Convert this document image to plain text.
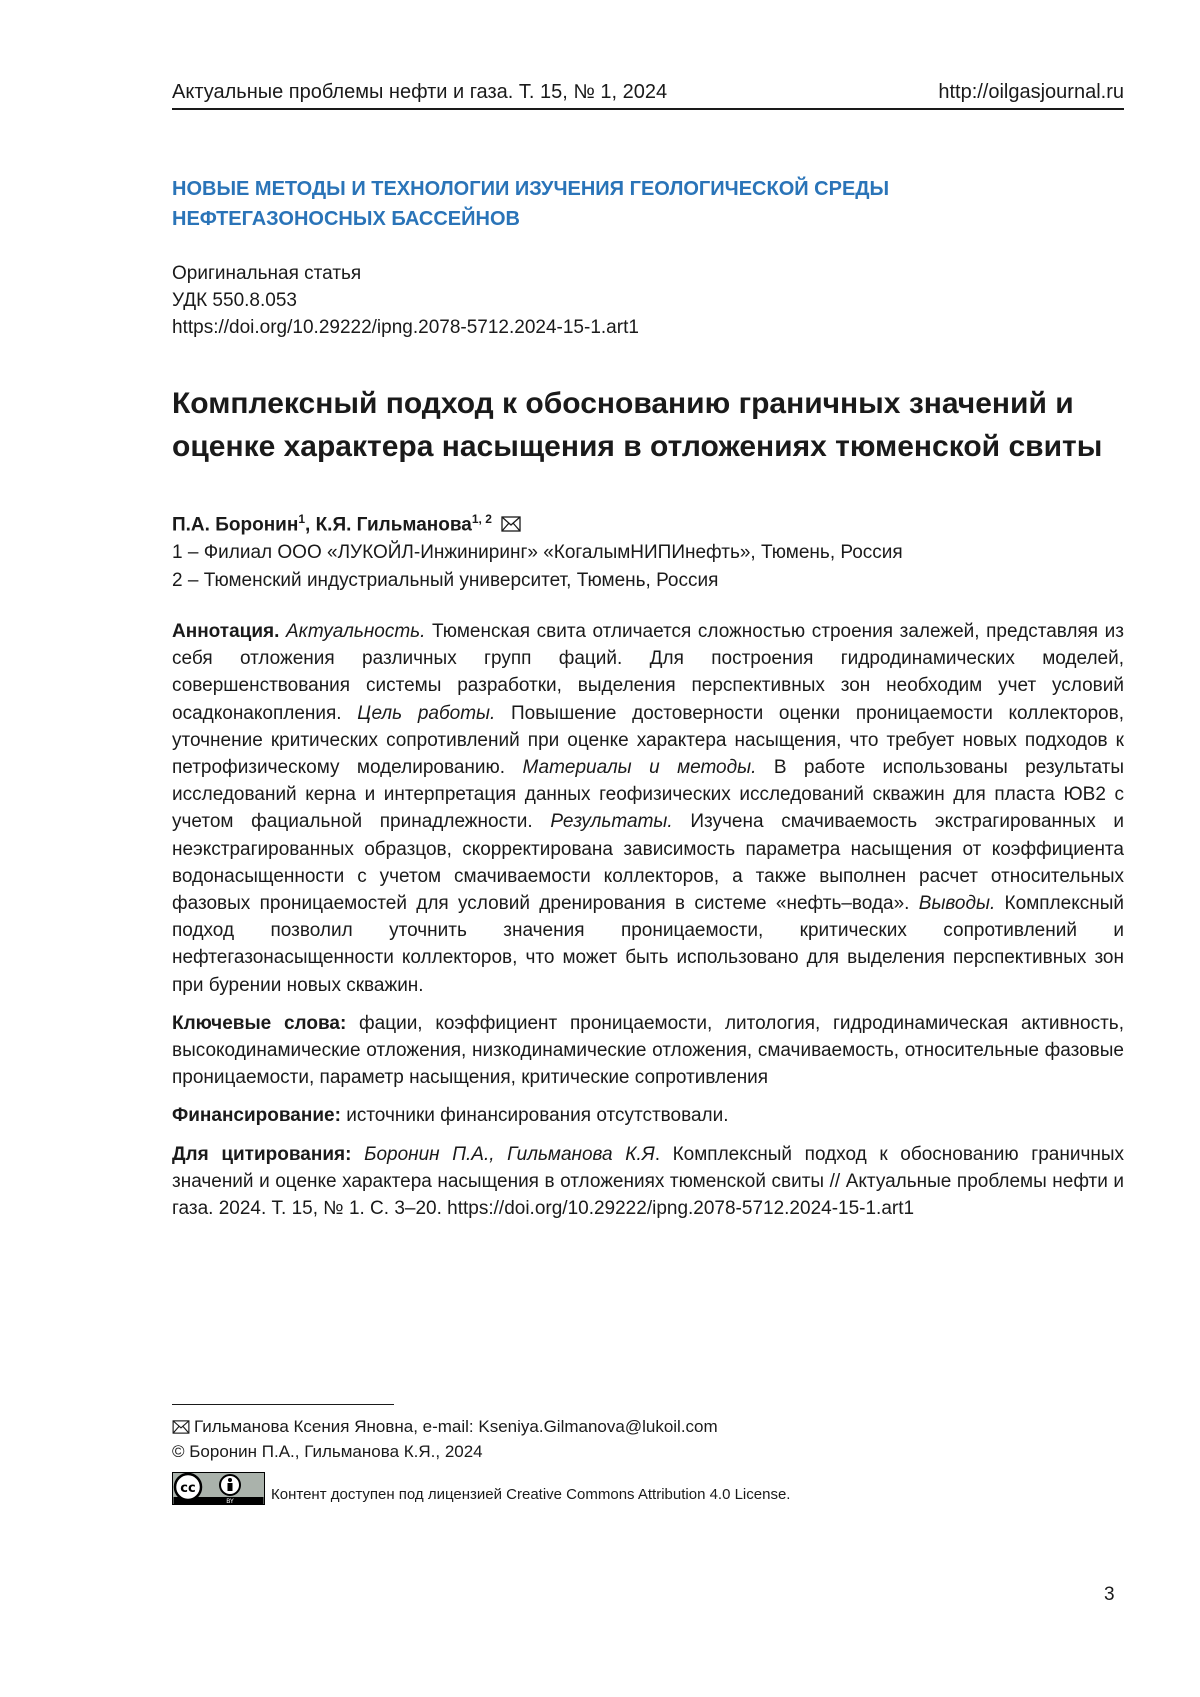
Актуальные проблемы нефти и газа. Т. 15, № 1, 2024	http://oilgasjournal.ru
НОВЫЕ МЕТОДЫ И ТЕХНОЛОГИИ ИЗУЧЕНИЯ ГЕОЛОГИЧЕСКОЙ СРЕДЫ
НЕФТЕГАЗОНОСНЫХ БАССЕЙНОВ
Оригинальная статья
УДК 550.8.053
https://doi.org/10.29222/ipng.2078-5712.2024-15-1.art1
Комплексный подход к обоснованию граничных значений и
оценке характера насыщения в отложениях тюменской свиты
П.А. Боронин$^1$, К.Я. Гильманова$^{1, 2}$
1 – Филиал ООО «ЛУКОЙЛ-Инжиниринг» «КогалымНИПИнефть», Тюмень, Россия
2 – Тюменский индустриальный университет, Тюмень, Россия

Аннотация. Актуальность. Тюменская свита отличается сложностью строения залежей, представляя из себя отложения различных групп фаций. Для построения гидродинамических моделей, совершенствования системы разработки, выделения перспективных зон необходим учет условий осадконакопления. Цель работы. Повышение достоверности оценки проницаемости коллекторов, уточнение критических сопротивлений при оценке характера насыщения, что требует новых подходов к петрофизическому моделированию. Материалы и методы. В работе использованы результаты исследований керна и интерпретация данных геофизических исследований скважин для пласта ЮВ2 с учетом фациальной принадлежности. Результаты. Изучена смачиваемость экстрагированных и неэкстрагированных образцов, скорректирована зависимость параметра насыщения от коэффициента водонасыщенности с учетом смачиваемости коллекторов, а также выполнен расчет относительных фазовых проницаемостей для условий дренирования в системе «нефть–вода». Выводы. Комплексный подход позволил уточнить значения проницаемости, критических сопротивлений и нефтегазонасыщенности коллекторов, что может быть использовано для выделения перспективных зон при бурении новых скважин.

Ключевые слова: фации, коэффициент проницаемости, литология, гидродинамическая активность, высокодинамические отложения, низкодинамические отложения, смачиваемость, относительные фазовые проницаемости, параметр насыщения, критические сопротивления

Финансирование: источники финансирования отсутствовали.

Для цитирования: Боронин П.А., Гильманова К.Я. Комплексный подход к обоснованию граничных значений и оценке характера насыщения в отложениях тюменской свиты // Актуальные проблемы нефти и газа. 2024. Т. 15, № 1. С. 3–20. https://doi.org/10.29222/ipng.2078-5712.2024-15-1.art1

Гильманова Ксения Яновна, e-mail: Kseniya.Gilmanova@lukoil.com
© Боронин П.А., Гильманова К.Я., 2024
cc
BY Контент доступен под лицензией Creative Commons Attribution 4.0 License.
3
